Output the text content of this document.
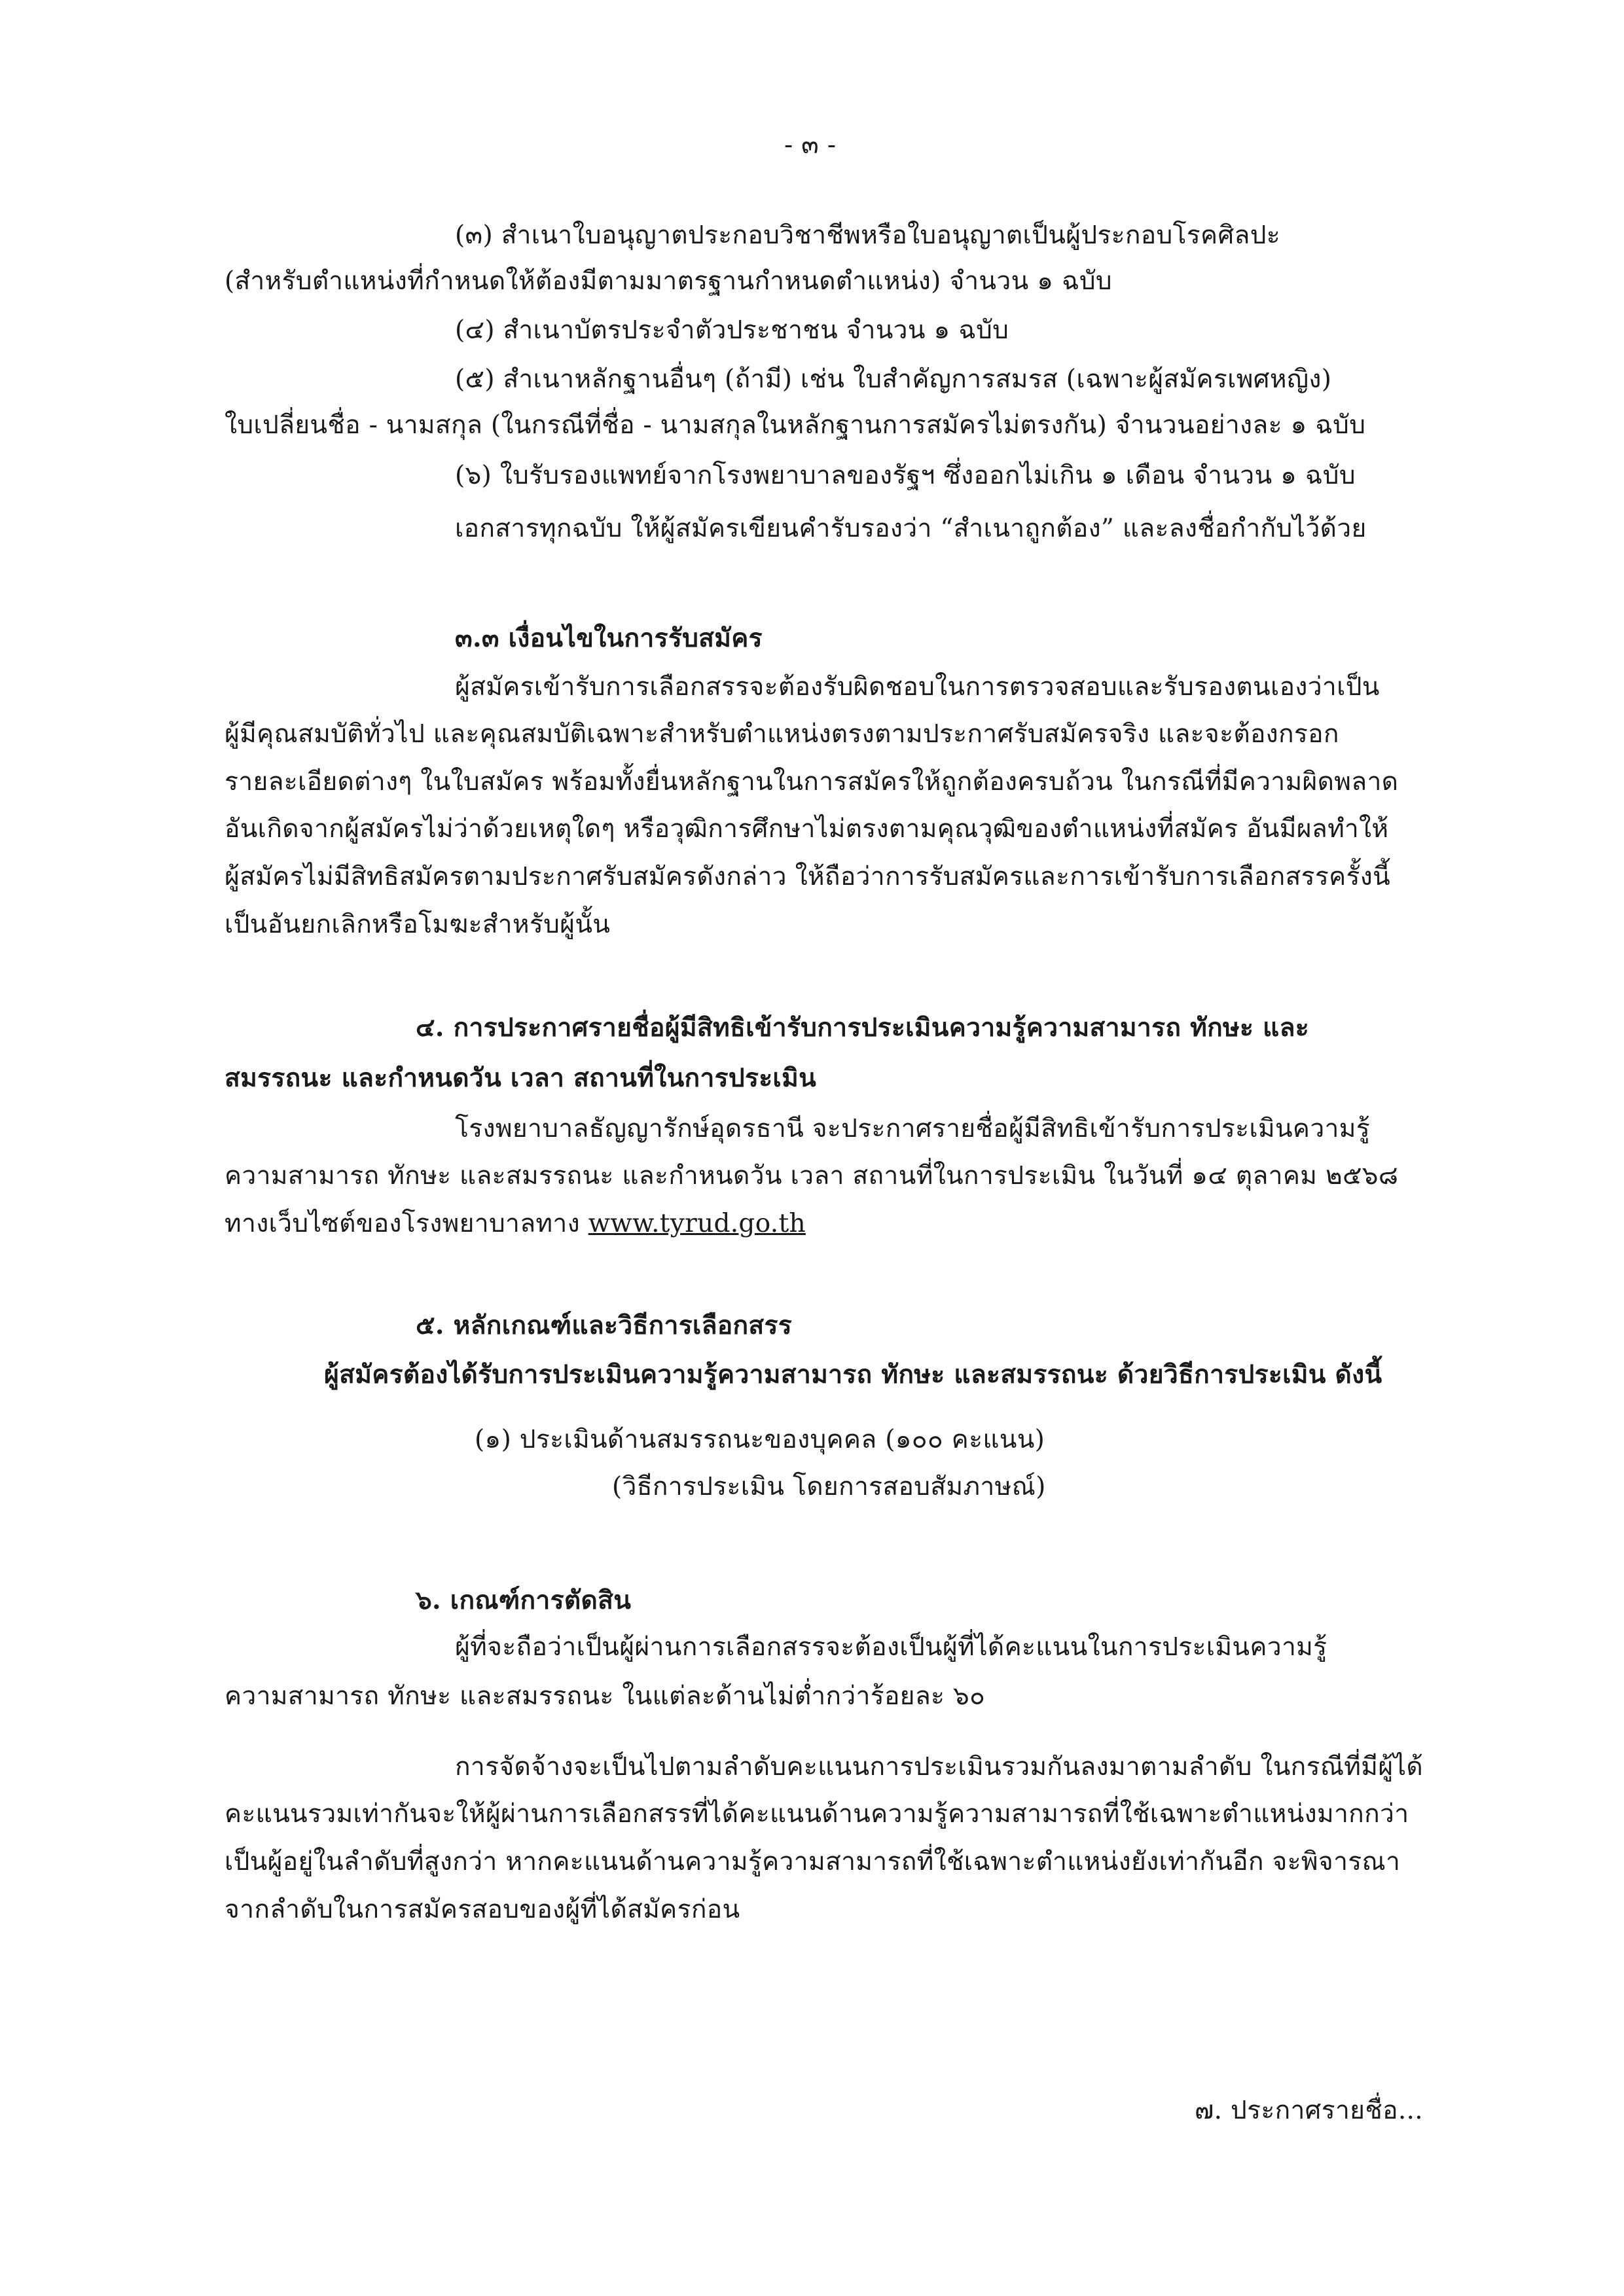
- ๓ -
(๓) สำเนาใบอนุญาตประกอบวิชาชีพหรือใบอนุญาตเป็นผู้ประกอบโรคศิลปะ
(สำหรับตำแหน่งที่กำหนดให้ต้องมีตามมาตรฐานกำหนดตำแหน่ง) จำนวน ๑ ฉบับ
(๔) สำเนาบัตรประจำตัวประชาชน จำนวน ๑ ฉบับ
(๕) สำเนาหลักฐานอื่นๆ (ถ้ามี) เช่น ใบสำคัญการสมรส (เฉพาะผู้สมัครเพศหญิง)
ใบเปลี่ยนชื่อ - นามสกุล (ในกรณีที่ชื่อ - นามสกุลในหลักฐานการสมัครไม่ตรงกัน) จำนวนอย่างละ ๑ ฉบับ
(๖) ใบรับรองแพทย์จากโรงพยาบาลของรัฐฯ ซึ่งออกไม่เกิน ๑ เดือน จำนวน ๑ ฉบับ
เอกสารทุกฉบับ ให้ผู้สมัครเขียนคำรับรองว่า “สำเนาถูกต้อง” และลงชื่อกำกับไว้ด้วย
๓.๓ เงื่อนไขในการรับสมัคร
ผู้สมัครเข้ารับการเลือกสรรจะต้องรับผิดชอบในการตรวจสอบและรับรองตนเองว่าเป็น
ผู้มีคุณสมบัติทั่วไป และคุณสมบัติเฉพาะสำหรับตำแหน่งตรงตามประกาศรับสมัครจริง และจะต้องกรอก
รายละเอียดต่างๆ ในใบสมัคร พร้อมทั้งยื่นหลักฐานในการสมัครให้ถูกต้องครบถ้วน ในกรณีที่มีความผิดพลาด
อันเกิดจากผู้สมัครไม่ว่าด้วยเหตุใดๆ หรือวุฒิการศึกษาไม่ตรงตามคุณวุฒิของตำแหน่งที่สมัคร อันมีผลทำให้
ผู้สมัครไม่มีสิทธิสมัครตามประกาศรับสมัครดังกล่าว ให้ถือว่าการรับสมัครและการเข้ารับการเลือกสรรครั้งนี้
เป็นอันยกเลิกหรือโมฆะสำหรับผู้นั้น
๔. การประกาศรายชื่อผู้มีสิทธิเข้ารับการประเมินความรู้ความสามารถ ทักษะ และ
สมรรถนะ และกำหนดวัน เวลา สถานที่ในการประเมิน
โรงพยาบาลธัญญารักษ์อุดรธานี จะประกาศรายชื่อผู้มีสิทธิเข้ารับการประเมินความรู้
ความสามารถ ทักษะ และสมรรถนะ และกำหนดวัน เวลา สถานที่ในการประเมิน ในวันที่ ๑๔ ตุลาคม ๒๕๖๘
ทางเว็บไซต์ของโรงพยาบาลทาง www.tyrud.go.th
๕. หลักเกณฑ์และวิธีการเลือกสรร
ผู้สมัครต้องได้รับการประเมินความรู้ความสามารถ ทักษะ และสมรรถนะ ด้วยวิธีการประเมิน ดังนี้
(๑) ประเมินด้านสมรรถนะของบุคคล (๑๐๐ คะแนน)
(วิธีการประเมิน โดยการสอบสัมภาษณ์)
๖. เกณฑ์การตัดสิน
ผู้ที่จะถือว่าเป็นผู้ผ่านการเลือกสรรจะต้องเป็นผู้ที่ได้คะแนนในการประเมินความรู้
ความสามารถ ทักษะ และสมรรถนะ ในแต่ละด้านไม่ต่ำกว่าร้อยละ ๖๐
การจัดจ้างจะเป็นไปตามลำดับคะแนนการประเมินรวมกันลงมาตามลำดับ ในกรณีที่มีผู้ได้
คะแนนรวมเท่ากันจะให้ผู้ผ่านการเลือกสรรที่ได้คะแนนด้านความรู้ความสามารถที่ใช้เฉพาะตำแหน่งมากกว่า
เป็นผู้อยู่ในลำดับที่สูงกว่า หากคะแนนด้านความรู้ความสามารถที่ใช้เฉพาะตำแหน่งยังเท่ากันอีก จะพิจารณา
จากลำดับในการสมัครสอบของผู้ที่ได้สมัครก่อน
๗. ประกาศรายชื่อ...
